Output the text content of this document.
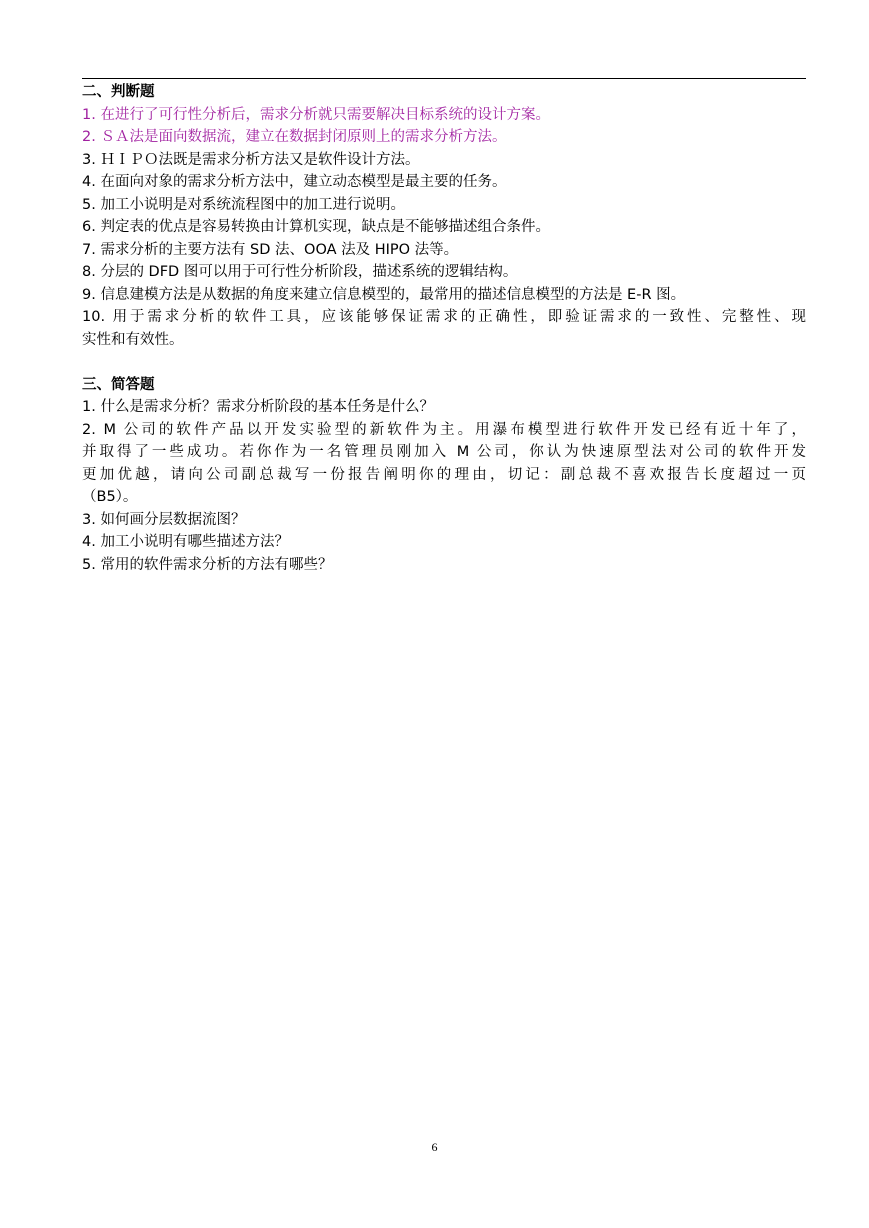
二、判断题
1. 在进行了可行性分析后，需求分析就只需要解决目标系统的设计方案。
2. ＳＡ法是面向数据流，建立在数据封闭原则上的需求分析方法。
3. ＨＩＰＯ法既是需求分析方法又是软件设计方法。
4. 在面向对象的需求分析方法中，建立动态模型是最主要的任务。
5. 加工小说明是对系统流程图中的加工进行说明。
6. 判定表的优点是容易转换由计算机实现，缺点是不能够描述组合条件。
7. 需求分析的主要方法有 SD 法、OOA 法及 HIPO 法等。
8. 分层的 DFD 图可以用于可行性分析阶段，描述系统的逻辑结构。
9. 信息建模方法是从数据的角度来建立信息模型的，最常用的描述信息模型的方法是 E-R 图。
10. 用于需求分析的软件工具，应该能够保证需求的正确性，即验证需求的一致性、完整性、现
实性和有效性。
三、简答题
1. 什么是需求分析？需求分析阶段的基本任务是什么？
2. M 公司的软件产品以开发实验型的新软件为主。用瀑布模型进行软件开发已经有近十年了，
并取得了一些成功。若你作为一名管理员刚加入 M 公司，你认为快速原型法对公司的软件开发
更加优越，请向公司副总裁写一份报告阐明你的理由，切记：副总裁不喜欢报告长度超过一页
（B5）。
3. 如何画分层数据流图？
4. 加工小说明有哪些描述方法？
5. 常用的软件需求分析的方法有哪些？
6
